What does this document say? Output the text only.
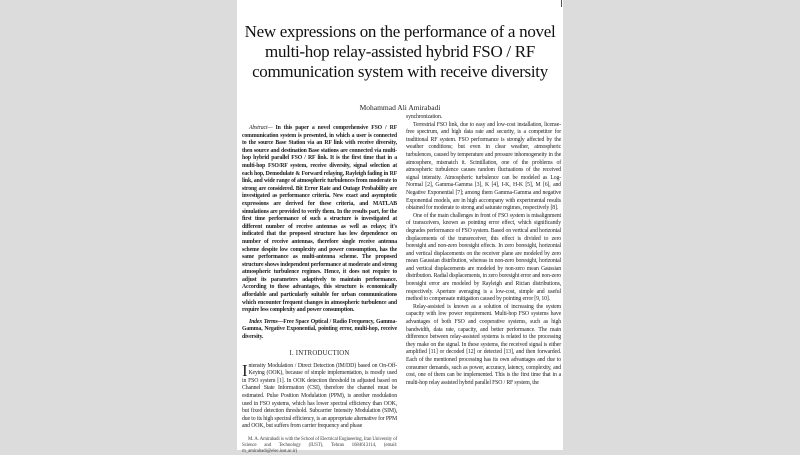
New expressions on the performance of a novel multi-hop relay-assisted hybrid FSO / RF communication system with receive diversity
Mohammad Ali Amirabadi

Abstract— In this paper a novel comprehensive FSO / RF communication system is presented, in which a user is connected to the source Base Station via an RF link with receive diversity, then source and destination Base stations are connected via multi-hop hybrid parallel FSO / RF link. It is the first time that in a multi-hop FSO/RF system, receive diversity, signal selection at each hop, Demodulate & Forward relaying, Rayleigh fading in RF link, and wide range of atmospheric turbulences from moderate to strong are considered. Bit Error Rate and Outage Probability are investigated as performance criteria. New exact and asymptotic expressions are derived for these criteria, and MATLAB simulations are provided to verify them. In the results part, for the first time performance of such a structure is investigated at different number of receive antennas as well as relays; it's indicated that the proposed structure has low dependence on number of receive antennas, therefore single receive antenna scheme despite low complexity and power consumption, has the same performance as multi-antenna scheme. The proposed structure shows independent performance at moderate and strong atmospheric turbulence regimes. Hence, it does not require to adjust its parameters adaptively to maintain performance. According to these advantages, this structure is economically affordable and particularly suitable for urban communications which encounter frequent changes in atmospheric turbulence and require less complexity and power consumption.

Index Terms—Free Space Optical / Radio Frequency, Gamma-Gamma, Negative Exponential, pointing error, multi-hop, receive diversity.

I. INTRODUCTION

Intensity Modulation / Direct Detection (IM/DD) based on On-Off-Keying (OOK), because of simple implementation, is mostly used in FSO system [1]. In OOK detection threshold in adjusted based on Channel State Information (CSI), therefore the channel must be estimated. Pulse Position Modulation (PPM), is another modulation used in FSO systems, which has lower spectral efficiency than OOK, but fixed detection threshold. Subcarrier Intensity Modulation (SIM), due to its high spectral efficiency, is an appropriate alternative for PPM and OOK, but suffers from carrier frequency and phase

M. A. Amirabadi is with the School of Electrical Engineering, Iran University of Science and Technology (IUST), Tehran 1684613114, (email: m_amirabadi@elec.iust.ac.ir)

synchronization.

Terrestrial FSO link, due to easy and low-cost installation, license-free spectrum, and high data rate and security, is a competitor for traditional RF system. FSO performance is strongly affected by the weather conditions; but even in clear weather, atmospheric turbulences, caused by temperature and pressure inhomogeneity in the atmosphere, mismatch it. Scintillation, one of the problems of atmospheric turbulence causes random fluctuations of the received signal intensity. Atmospheric turbulence can be modeled as Log-Normal [2], Gamma-Gamma [3], K [4], I-K, H-K [5], M [6], and Negative Exponential [7]; among them Gamma-Gamma and negative Exponential models, are in high accompany with experimental results obtained for moderate to strong and saturate regimes, respectively [8].

One of the main challenges in front of FSO system is misalignment of transceivers, known as pointing error effect, which significantly degrades performance of FSO system. Based on vertical and horizontal displacements of the transreceiver, this effect is divided to zero boresight and non-zero boresight effects. In zero boresight, horizontal and vertical displacements on the receiver plane are modeled by zero mean Gaussian distribution, whereas in non-zero boresight, horizontal and vertical displacements are modeled by non-zero mean Gaussian distribution. Radial displacements, in zero boresight error and non-zero boresight error are modeled by Rayleigh and Rician distributions, respectively. Aperture averaging is a low-cost, simple and useful method to compensate mitigation caused by pointing error [9, 10].

Relay-assisted is known as a solution of increasing the system capacity with low power requirement. Multi-hop FSO systems have advantages of both FSO and cooperative systems, such as high bandwidth, data rate, capacity, and better performance. The main difference between relay-assisted systems is related to the processing they make on the signal. In these systems, the received signal is either amplified [11] or decoded [12] or detected [13], and then forwarded. Each of the mentioned processing has its own advantages and due to consumer demands, such as power, accuracy, latency, complexity, and cost, one of them can be implemented. This is the first time that in a multi-hop relay assisted hybrid parallel FSO / RF system, the
